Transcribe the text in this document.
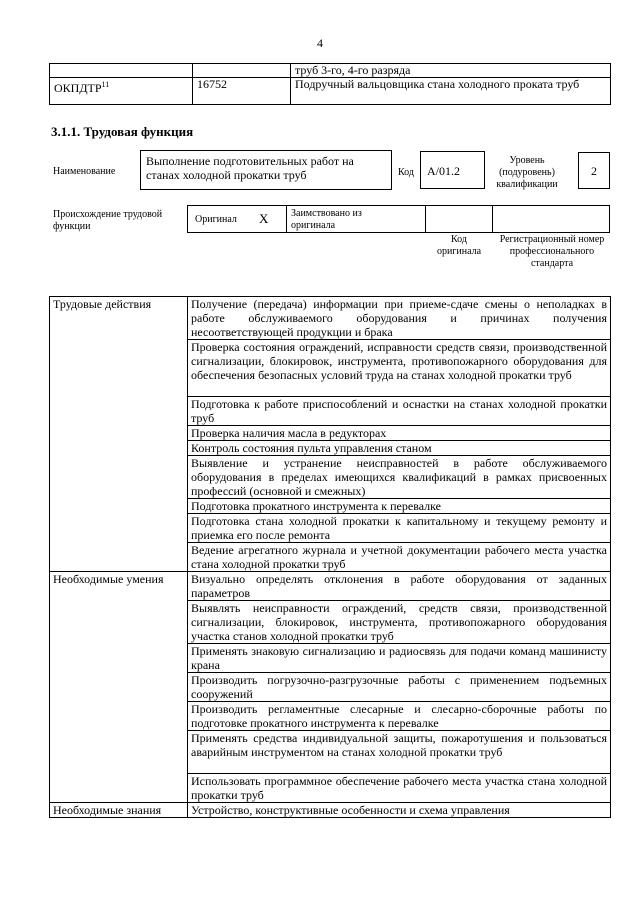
4
		труб 3-го, 4-го разряда
ОКПДТР$^{11}$	16752	Подручный вальцовщика стана холодного проката труб
3.1.1. Трудовая функция
Наименование
Выполнение подготовительных работ на станах холодной прокатки труб	Код	А/01.2
Уровень (подуровень) квалификации
2
Происхождение трудовой функции
Оригинал X Заимствовано из оригинала
Код оригинала
Регистрационный номер профессионального стандарта
Трудовые действия	Получение (передача) информации при приеме-сдаче смены о неполадках в работе обслуживаемого оборудования и причинах получения несоответствующей продукции и брака
	Проверка состояния ограждений, исправности средств связи, производственной сигнализации, блокировок, инструмента, противопожарного оборудования для обеспечения безопасных условий труда на станах холодной прокатки труб
	Подготовка к работе приспособлений и оснастки на станах холодной прокатки труб
	Проверка наличия масла в редукторах
	Контроль состояния пульта управления станом
	Выявление и устранение неисправностей в работе обслуживаемого оборудования в пределах имеющихся квалификаций в рамках присвоенных профессий (основной и смежных)
	Подготовка прокатного инструмента к перевалке
	Подготовка стана холодной прокатки к капитальному и текущему ремонту и приемка его после ремонта
	Ведение агрегатного журнала и учетной документации рабочего места участка стана холодной прокатки труб
Необходимые умения	Визуально определять отклонения в работе оборудования от заданных параметров
	Выявлять неисправности ограждений, средств связи, производственной сигнализации, блокировок, инструмента, противопожарного оборудования участка станов холодной прокатки труб
	Применять знаковую сигнализацию и радиосвязь для подачи команд машинисту крана
	Производить погрузочно-разгрузочные работы с применением подъемных сооружений
	Производить регламентные слесарные и слесарно-сборочные работы по подготовке прокатного инструмента к перевалке
	Применять средства индивидуальной защиты, пожаротушения и пользоваться аварийным инструментом на станах холодной прокатки труб
	Использовать программное обеспечение рабочего места участка стана холодной прокатки труб
Необходимые знания	Устройство, конструктивные особенности и схема управления
